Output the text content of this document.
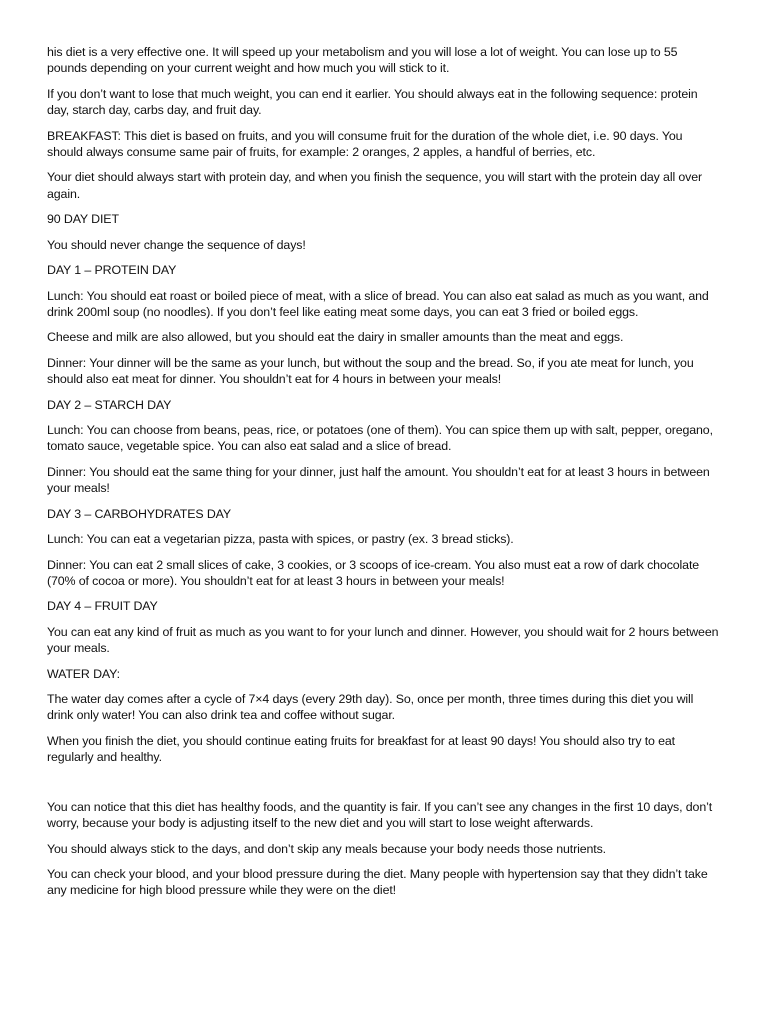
his diet is a very effective one. It will speed up your metabolism and you will lose a lot of weight. You can lose up to 55 pounds depending on your current weight and how much you will stick to it.

If you don’t want to lose that much weight, you can end it earlier. You should always eat in the following sequence: protein day, starch day, carbs day, and fruit day.

BREAKFAST: This diet is based on fruits, and you will consume fruit for the duration of the whole diet, i.e. 90 days. You should always consume same pair of fruits, for example: 2 oranges, 2 apples, a handful of berries, etc.

Your diet should always start with protein day, and when you finish the sequence, you will start with the protein day all over again.

90 DAY DIET

You should never change the sequence of days!

DAY 1 – PROTEIN DAY

Lunch: You should eat roast or boiled piece of meat, with a slice of bread. You can also eat salad as much as you want, and drink 200ml soup (no noodles). If you don’t feel like eating meat some days, you can eat 3 fried or boiled eggs.

Cheese and milk are also allowed, but you should eat the dairy in smaller amounts than the meat and eggs.

Dinner: Your dinner will be the same as your lunch, but without the soup and the bread. So, if you ate meat for lunch, you should also eat meat for dinner. You shouldn’t eat for 4 hours in between your meals!

DAY 2 – STARCH DAY

Lunch: You can choose from beans, peas, rice, or potatoes (one of them). You can spice them up with salt, pepper, oregano, tomato sauce, vegetable spice. You can also eat salad and a slice of bread.

Dinner: You should eat the same thing for your dinner, just half the amount. You shouldn’t eat for at least 3 hours in between your meals!

DAY 3 – CARBOHYDRATES DAY

Lunch: You can eat a vegetarian pizza, pasta with spices, or pastry (ex. 3 bread sticks).

Dinner: You can eat 2 small slices of cake, 3 cookies, or 3 scoops of ice-cream. You also must eat a row of dark chocolate (70% of cocoa or more). You shouldn’t eat for at least 3 hours in between your meals!

DAY 4 – FRUIT DAY

You can eat any kind of fruit as much as you want to for your lunch and dinner. However, you should wait for 2 hours between your meals.

WATER DAY:

The water day comes after a cycle of 7×4 days (every 29th day). So, once per month, three times during this diet you will drink only water! You can also drink tea and coffee without sugar.

When you finish the diet, you should continue eating fruits for breakfast for at least 90 days! You should also try to eat regularly and healthy.

You can notice that this diet has healthy foods, and the quantity is fair. If you can’t see any changes in the first 10 days, don’t worry, because your body is adjusting itself to the new diet and you will start to lose weight afterwards.

You should always stick to the days, and don’t skip any meals because your body needs those nutrients.

You can check your blood, and your blood pressure during the diet. Many people with hypertension say that they didn’t take any medicine for high blood pressure while they were on the diet!
